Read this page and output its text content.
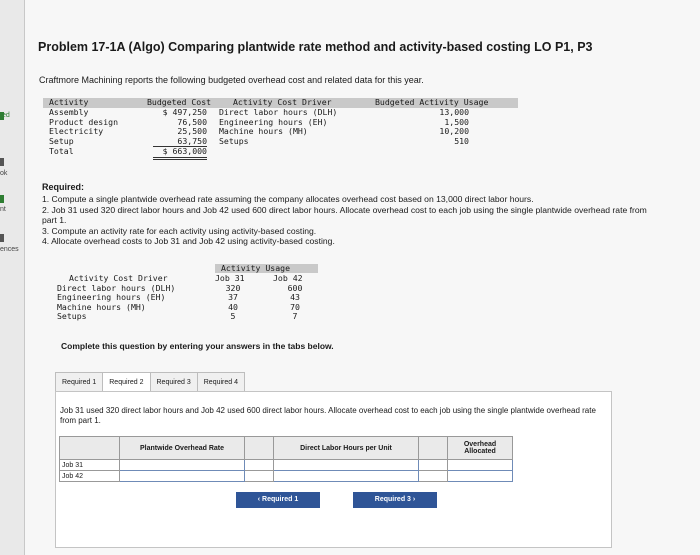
ed
ok
nt
ences
Problem 17-1A (Algo) Comparing plantwide rate method and activity-based costing LO P1, P3
Craftmore Machining reports the following budgeted overhead cost and related data for this year.
Activity	Budgeted Cost	Activity Cost Driver	Budgeted Activity Usage
Assembly	$ 497,250 Direct labor hours (DLH)	13,000
Product design	76,500 Engineering hours (EH)	1,500
Electricity	25,500 Machine hours (MH)	10,200
Setup	63,750 Setups	510
Total	$ 663,000
Required:
1. Compute a single plantwide overhead rate assuming the company allocates overhead cost based on 13,000 direct labor hours.
2. Job 31 used 320 direct labor hours and Job 42 used 600 direct labor hours. Allocate overhead cost to each job using the single plantwide overhead rate from part 1.
3. Compute an activity rate for each activity using activity-based costing.
4. Allocate overhead costs to Job 31 and Job 42 using activity-based costing.
Activity Usage
Activity Cost Driver	Job 31	Job 42
Direct labor hours (DLH)	320	600
Engineering hours (EH)	37	43
Machine hours (MH)	40	70
Setups	5	7
Complete this question by entering your answers in the tabs below.
Required 1	Required 2	Required 3	Required 4
Job 31 used 320 direct labor hours and Job 42 used 600 direct labor hours. Allocate overhead cost to each job using the single plantwide overhead rate from part 1.
	Plantwide Overhead Rate		Direct Labor Hours per Unit		Overhead Allocated
Job 31					
Job 42					
‹ Required 1	Required 3 ›
